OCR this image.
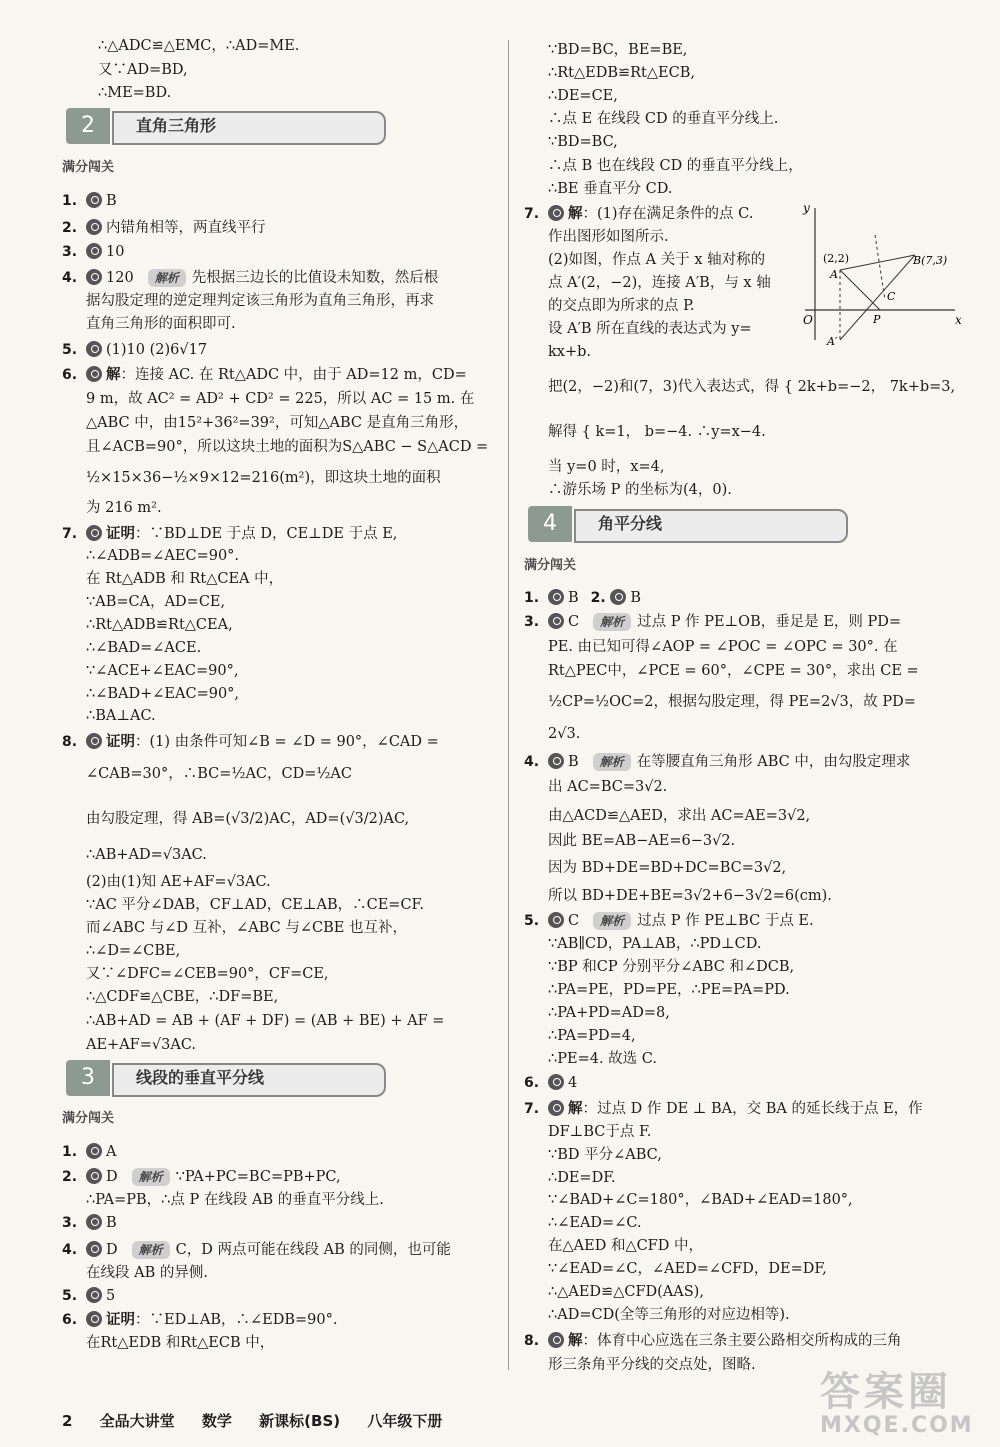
∴△ADC≌△EMC，∴AD=ME.
又∵AD=BD,
∴ME=BD.
2	直角三角形
满分闯关
1.	B
2.	内错角相等，两直线平行
3.	10
4.	120 解析 先根据三边长的比值设未知数，然后根
据勾股定理的逆定理判定该三角形为直角三角形，再求
直角三角形的面积即可.
5.	(1)10 (2)6√17
6.	解：连接 AC. 在 Rt△ADC 中，由于 AD=12 m，CD=
9 m，故 AC² = AD² + CD² = 225，所以 AC = 15 m. 在
△ABC 中，由15²+36²=39²，可知△ABC 是直角三角形，
且∠ACB=90°，所以这块土地的面积为S△ABC − S△ACD =
½×15×36−½×9×12=216(m²)，即这块土地的面积
为 216 m².
7.	证明：∵BD⊥DE 于点 D，CE⊥DE 于点 E,
∴∠ADB=∠AEC=90°.
在 Rt△ADB 和 Rt△CEA 中，
∵AB=CA，AD=CE,
∴Rt△ADB≌Rt△CEA,
∴∠BAD=∠ACE.
∵∠ACE+∠EAC=90°,
∴∠BAD+∠EAC=90°,
∴BA⊥AC.
8.	证明：(1) 由条件可知∠B = ∠D = 90°，∠CAD =
∠CAB=30°，∴BC=½AC，CD=½AC
由勾股定理，得 AB=(√3/2)AC，AD=(√3/2)AC,
∴AB+AD=√3AC.
(2)由(1)知 AE+AF=√3AC.
∵AC 平分∠DAB，CF⊥AD，CE⊥AB，∴CE=CF.
而∠ABC 与∠D 互补，∠ABC 与∠CBE 也互补，
∴∠D=∠CBE,
又∵∠DFC=∠CEB=90°，CF=CE,
∴△CDF≌△CBE，∴DF=BE,
∴AB+AD = AB + (AF + DF) = (AB + BE) + AF =
AE+AF=√3AC.
3	线段的垂直平分线
满分闯关
1.	A
2.	D 解析 ∵PA+PC=BC=PB+PC,
∴PA=PB，∴点 P 在线段 AB 的垂直平分线上.
3.	B
4.	D 解析 C，D 两点可能在线段 AB 的同侧，也可能
在线段 AB 的异侧.
5.	5
6.	证明：∵ED⊥AB，∴∠EDB=90°.
在Rt△EDB 和Rt△ECB 中，
∵BD=BC，BE=BE,
∴Rt△EDB≌Rt△ECB,
∴DE=CE,
∴点 E 在线段 CD 的垂直平分线上.
∵BD=BC,
∴点 B 也在线段 CD 的垂直平分线上，
∴BE 垂直平分 CD.
7.	解：(1)存在满足条件的点 C.
作出图形如图所示.
(2)如图，作点 A 关于 x 轴对称的
点 A′(2，−2)，连接 A′B，与 x 轴
的交点即为所求的点 P.
设 A′B 所在直线的表达式为 y=
kx+b.
把(2，−2)和(7，3)代入表达式，得 { 2k+b=−2， 7k+b=3,
解得 { k=1， b=−4. ∴y=x−4.
当 y=0 时，x=4,
∴游乐场 P 的坐标为(4，0).
y
x
O
(2,2)
A
B(7,3)
C
P
A′
4	角平分线
满分闯关
1.	B 2. B
3.	C 解析 过点 P 作 PE⊥OB，垂足是 E，则 PD=
PE. 由已知可得∠AOP = ∠POC = ∠OPC = 30°. 在
Rt△PEC中，∠PCE = 60°，∠CPE = 30°，求出 CE =
½CP=½OC=2，根据勾股定理，得 PE=2√3，故 PD=
2√3.
4.	B 解析 在等腰直角三角形 ABC 中，由勾股定理求
出 AC=BC=3√2.
由△ACD≌△AED，求出 AC=AE=3√2,
因此 BE=AB−AE=6−3√2.
因为 BD+DE=BD+DC=BC=3√2,
所以 BD+DE+BE=3√2+6−3√2=6(cm).
5.	C 解析 过点 P 作 PE⊥BC 于点 E.
∵AB∥CD，PA⊥AB，∴PD⊥CD.
∵BP 和CP 分别平分∠ABC 和∠DCB,
∴PA=PE，PD=PE，∴PE=PA=PD.
∴PA+PD=AD=8,
∴PA=PD=4,
∴PE=4. 故选 C.
6.	4
7.	解：过点 D 作 DE ⊥ BA，交 BA 的延长线于点 E，作
DF⊥BC于点 F.
∵BD 平分∠ABC,
∴DE=DF.
∵∠BAD+∠C=180°，∠BAD+∠EAD=180°,
∴∠EAD=∠C.
在△AED 和△CFD 中，
∵∠EAD=∠C，∠AED=∠CFD，DE=DF,
∴△AED≌△CFD(AAS),
∴AD=CD(全等三角形的对应边相等).
8.	解：体育中心应选在三条主要公路相交所构成的三角
形三条角平分线的交点处，图略.
2 全品大讲堂 数学 新课标(BS) 八年级下册
答案圈
MXQE.COM
